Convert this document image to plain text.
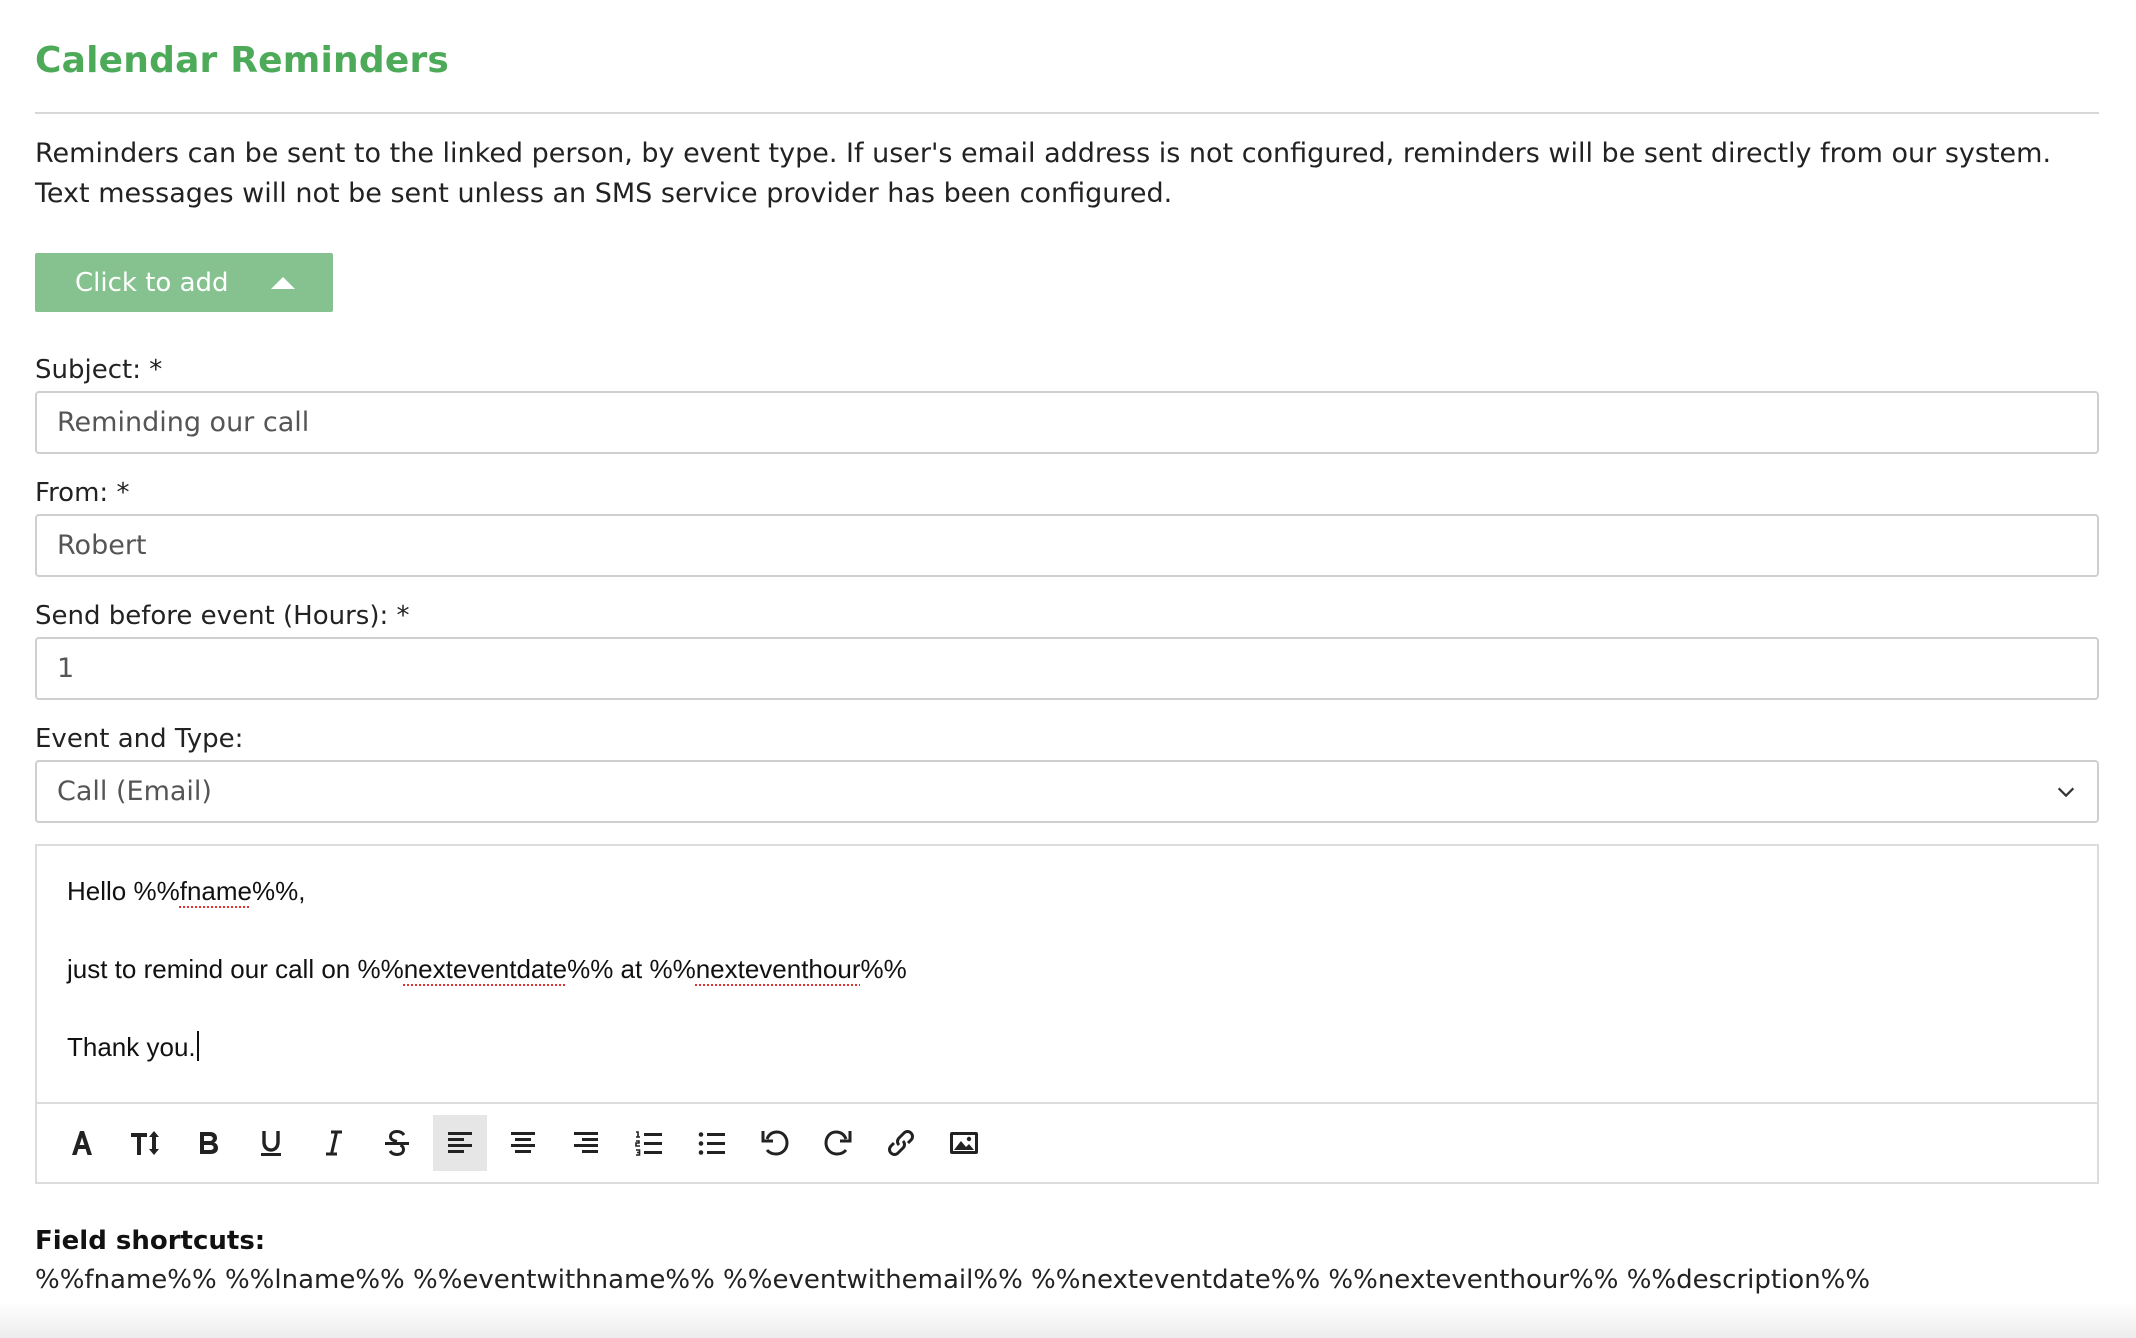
Calendar Reminders
Reminders can be sent to the linked person, by event type. If user's email address is not configured, reminders will be sent directly from our system. Text messages will not be sent unless an SMS service provider has been configured.
Click to add
Subject: *
Reminding our call
From: *
Robert
Send before event (Hours): *
1
Event and Type:
Call (Email)

Hello %%fname%%,

just to remind our call on %%nexteventdate%% at %%nexteventhour%%

Thank you.

Field shortcuts:
%%fname%% %%lname%% %%eventwithname%% %%eventwithemail%% %%nexteventdate%% %%nexteventhour%% %%description%%
